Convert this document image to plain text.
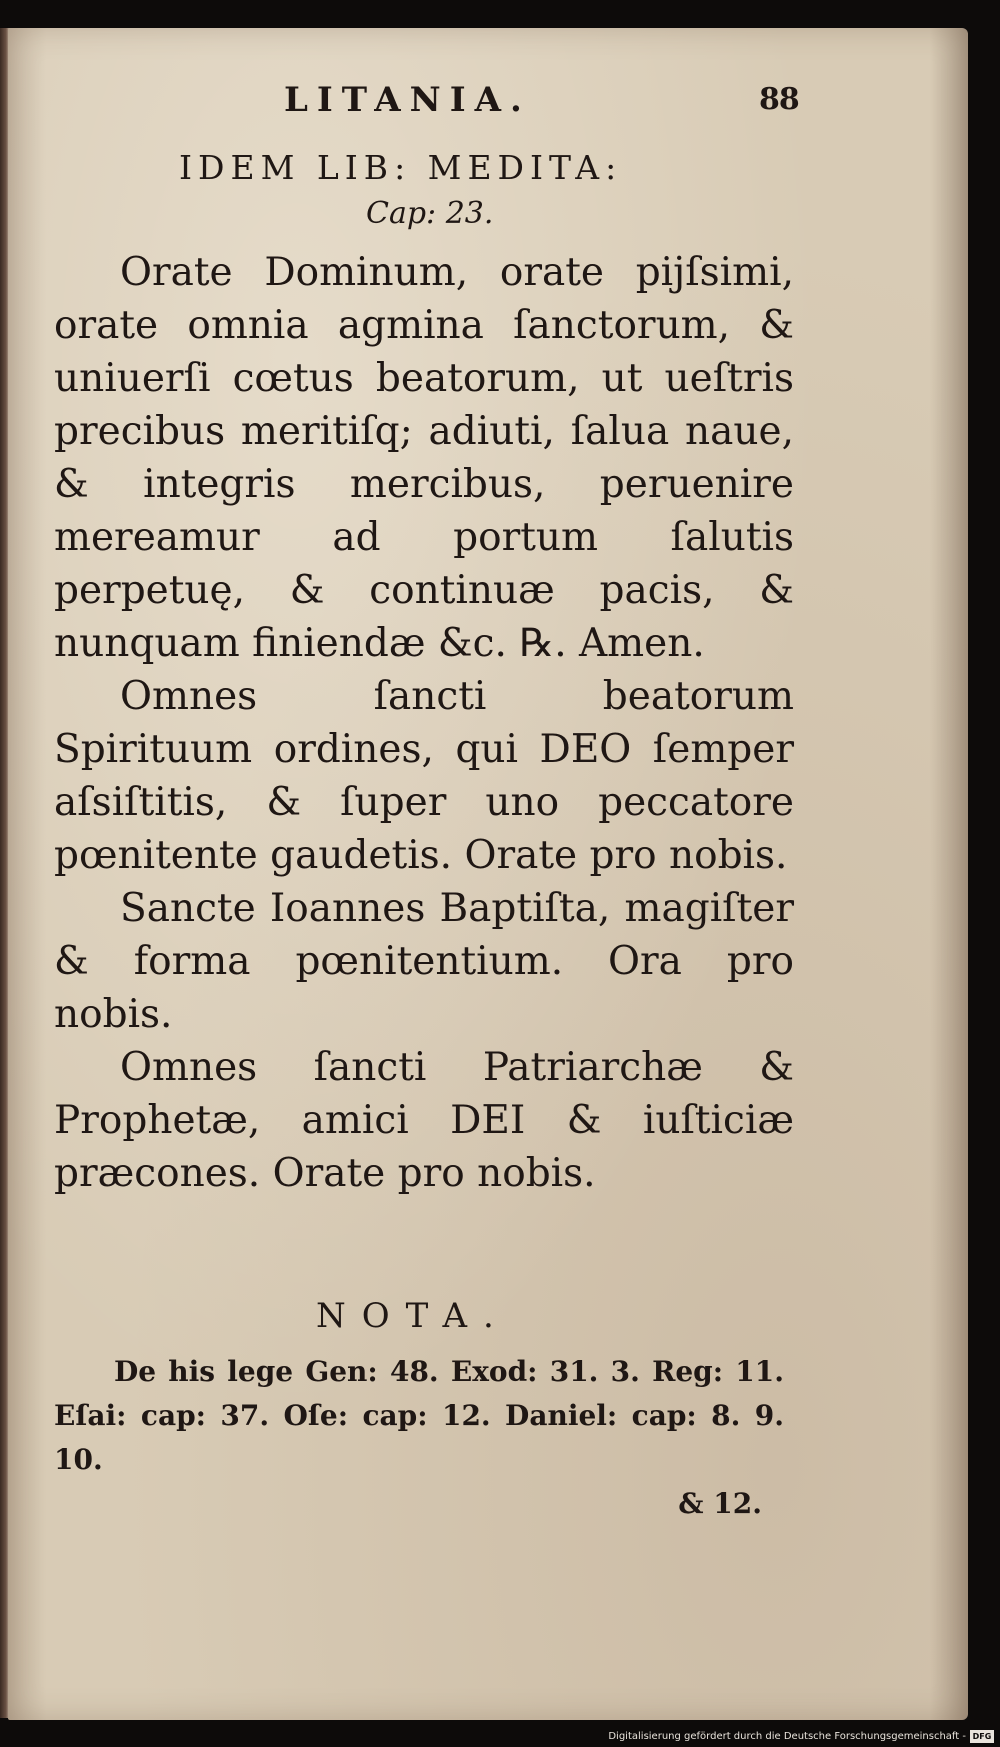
LITANIA.	88
IDEM LIB: MEDITA:
Cap: 23.

Orate Dominum, orate pijſsimi, orate omnia agmina ſanctorum, & uniuerſi cœtus beatorum, ut ueſtris precibus meritiſq; adiuti, ſalua naue, & integris mercibus, peruenire mereamur ad portum ſalutis perpetuę, & continuæ pacis, & nunquam finiendæ &c. ℞. Amen.

Omnes ſancti beatorum Spirituum ordines, qui DEO ſemper aſsiſtitis, & ſuper uno peccatore pœnitente gaudetis. Orate pro nobis.

Sancte Ioannes Baptiſta, magiſter & forma pœnitentium. Ora pro nobis.

Omnes ſancti Patriarchæ & Prophetæ, amici DEI & iuſticiæ præcones. Orate pro nobis.

NOTA.
De his lege Gen: 48. Exod: 31. 3. Reg: 11. Eſai: cap: 37. Oſe: cap: 12. Daniel: cap: 8. 9. 10.
& 12.
Digitalisierung gefördert durch die Deutsche Forschungsgemeinschaft - DFG
